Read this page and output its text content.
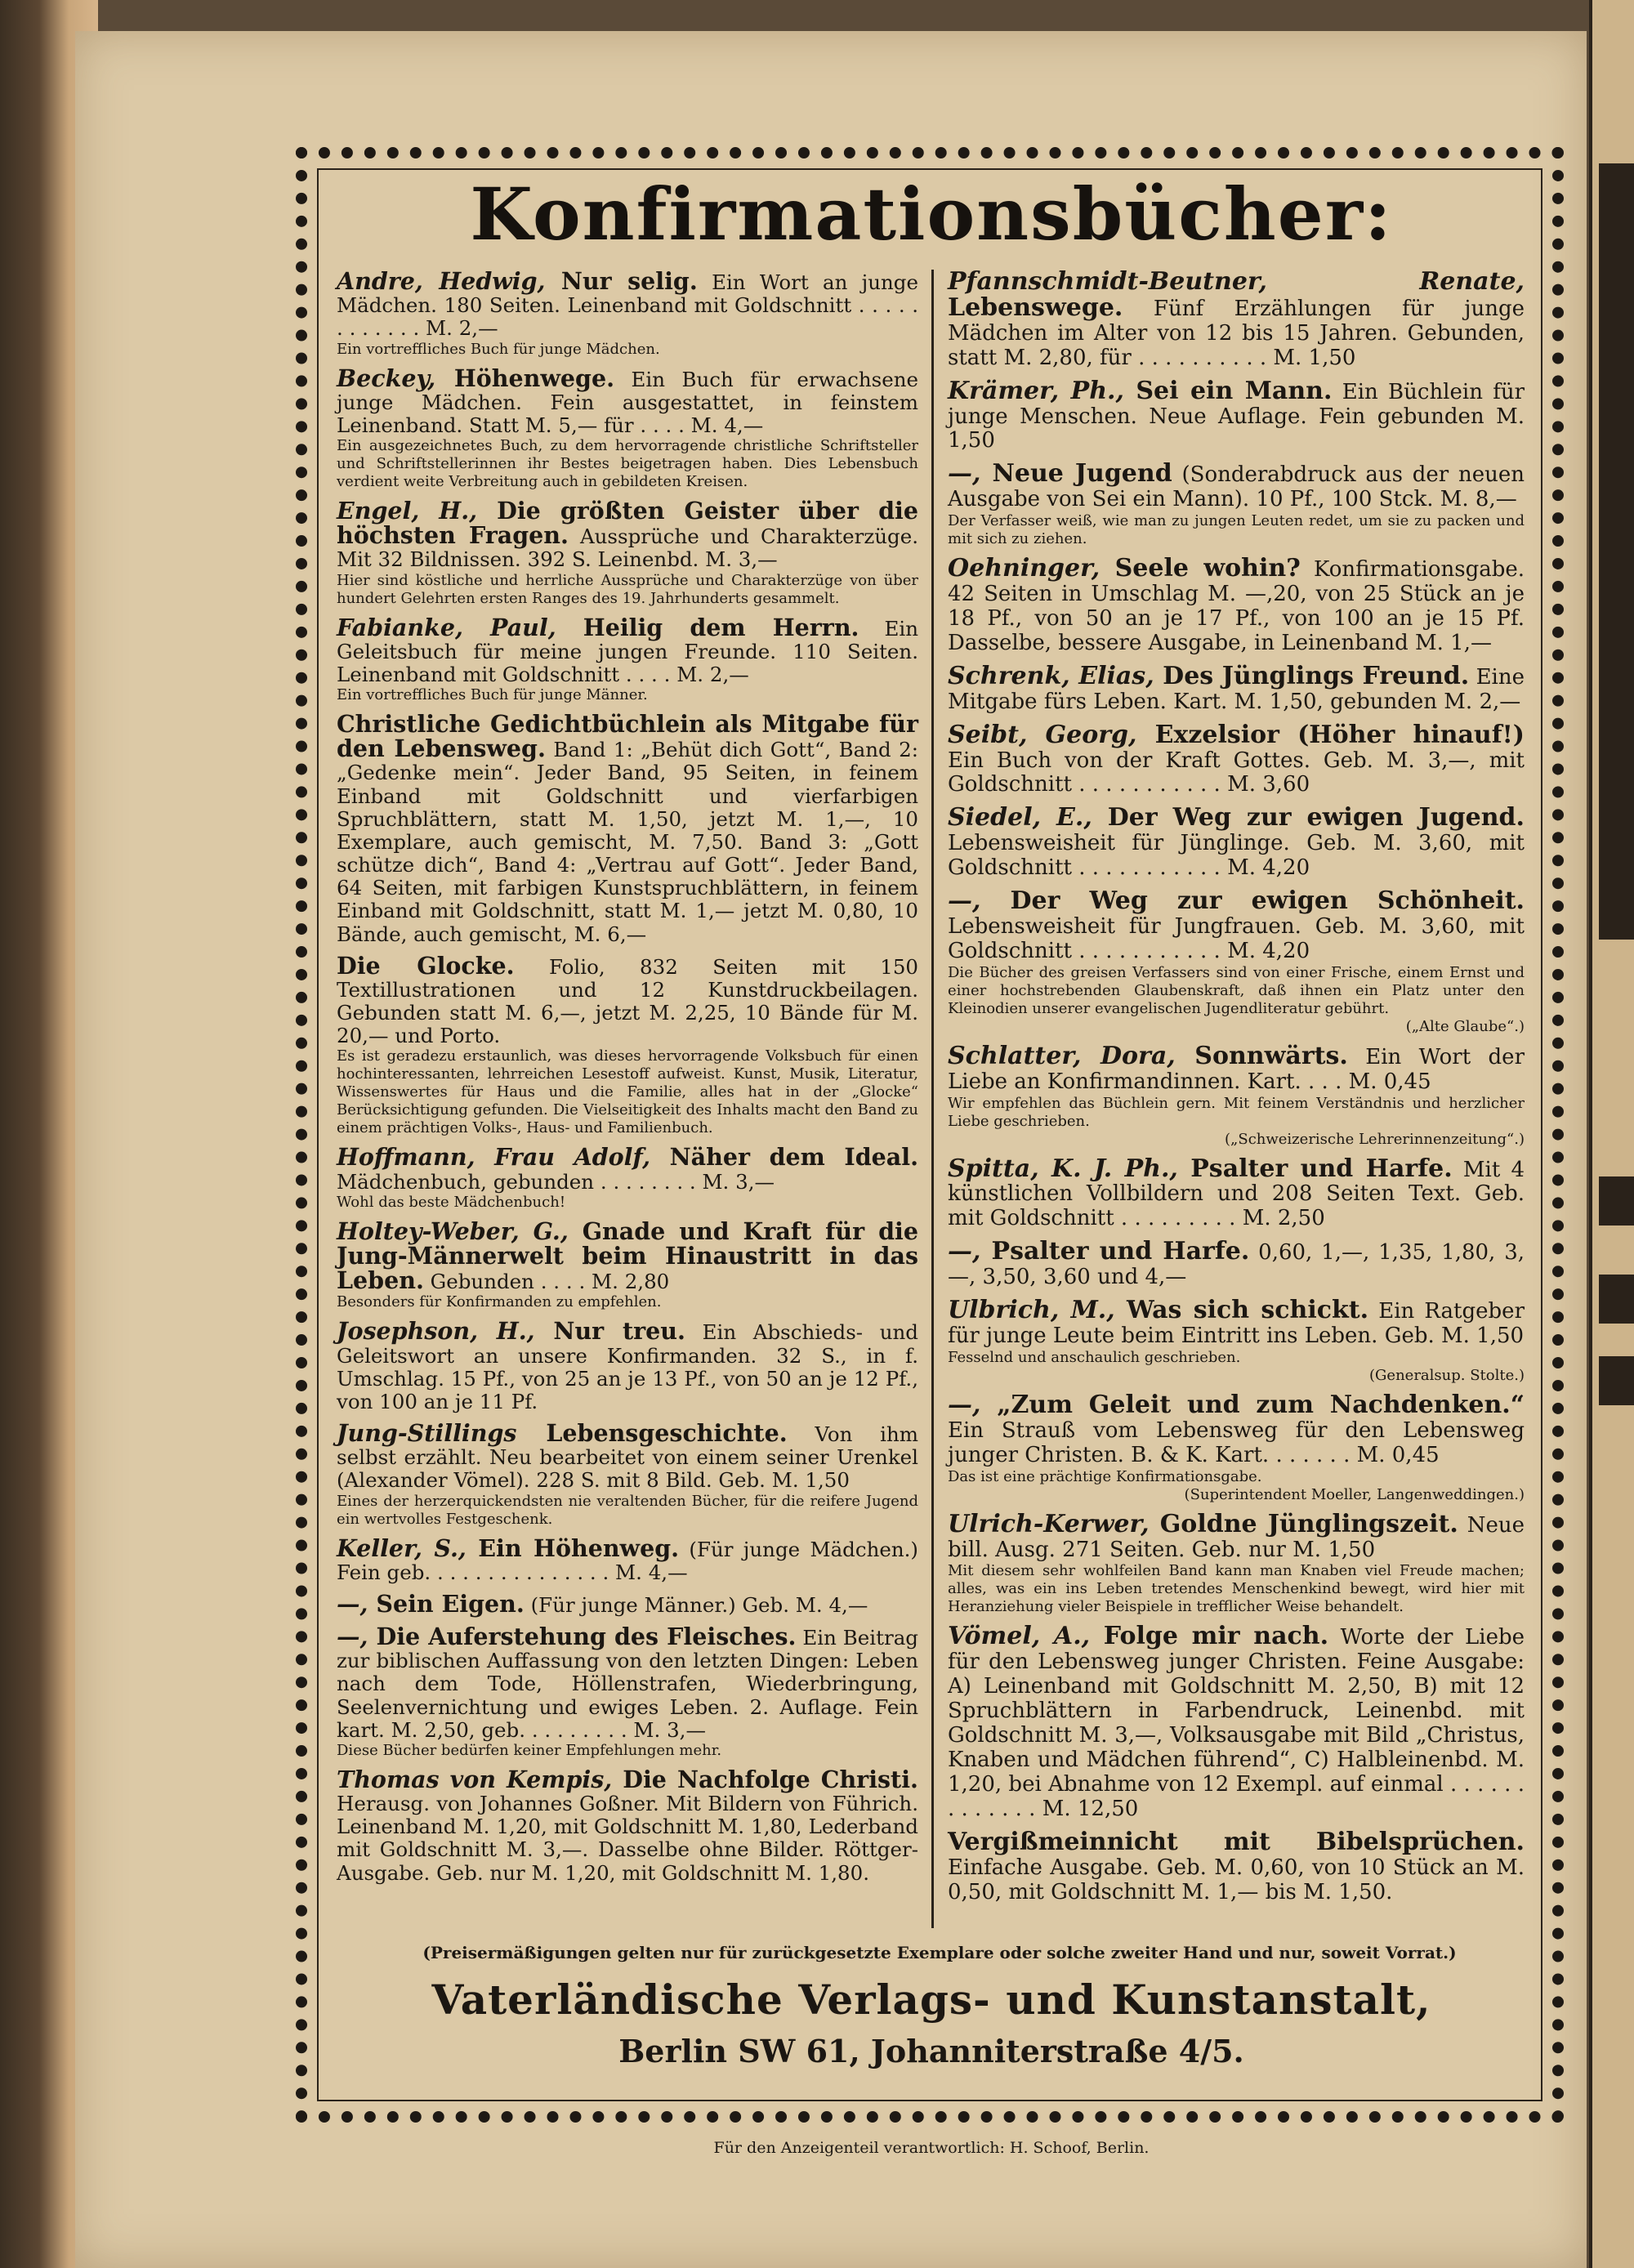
Konfirmationsbücher:
Andre, Hedwig, Nur selig. Ein Wort an junge Mädchen. 180 Seiten. Leinenband mit Goldschnitt . . . . . . . . . . . . M. 2,—
Ein vortreffliches Buch für junge Mädchen.
Beckey, Höhenwege. Ein Buch für erwachsene junge Mädchen. Fein ausgestattet, in feinstem Leinenband. Statt M. 5,— für . . . . M. 4,—
Ein ausgezeichnetes Buch, zu dem hervorragende christliche Schriftsteller und Schriftstellerinnen ihr Bestes beigetragen haben. Dies Lebensbuch verdient weite Verbreitung auch in gebildeten Kreisen.
Engel, H., Die größten Geister über die höchsten Fragen. Aussprüche und Charakterzüge. Mit 32 Bildnissen. 392 S. Leinenbd. M. 3,—
Hier sind köstliche und herrliche Aussprüche und Charakterzüge von über hundert Gelehrten ersten Ranges des 19. Jahrhunderts gesammelt.
Fabianke, Paul, Heilig dem Herrn. Ein Geleitsbuch für meine jungen Freunde. 110 Seiten. Leinenband mit Goldschnitt . . . . M. 2,—
Ein vortreffliches Buch für junge Männer.
Christliche Gedichtbüchlein als Mitgabe für den Lebensweg. Band 1: „Behüt dich Gott“, Band 2: „Gedenke mein“. Jeder Band, 95 Seiten, in feinem Einband mit Goldschnitt und vierfarbigen Spruchblättern, statt M. 1,50, jetzt M. 1,—, 10 Exemplare, auch gemischt, M. 7,50. Band 3: „Gott schütze dich“, Band 4: „Vertrau auf Gott“. Jeder Band, 64 Seiten, mit farbigen Kunstspruchblättern, in feinem Einband mit Goldschnitt, statt M. 1,— jetzt M. 0,80, 10 Bände, auch gemischt, M. 6,—
Die Glocke. Folio, 832 Seiten mit 150 Textillustrationen und 12 Kunstdruckbeilagen. Gebunden statt M. 6,—, jetzt M. 2,25, 10 Bände für M. 20,— und Porto.
Es ist geradezu erstaunlich, was dieses hervorragende Volksbuch für einen hochinteressanten, lehrreichen Lesestoff aufweist. Kunst, Musik, Literatur, Wissenswertes für Haus und die Familie, alles hat in der „Glocke“ Berücksichtigung gefunden. Die Vielseitigkeit des Inhalts macht den Band zu einem prächtigen Volks-, Haus- und Familienbuch.
Hoffmann, Frau Adolf, Näher dem Ideal. Mädchenbuch, gebunden . . . . . . . . M. 3,—
Wohl das beste Mädchenbuch!
Holtey-Weber, G., Gnade und Kraft für die Jung-Männerwelt beim Hinaustritt in das Leben. Gebunden . . . . M. 2,80
Besonders für Konfirmanden zu empfehlen.
Josephson, H., Nur treu. Ein Abschieds- und Geleitswort an unsere Konfirmanden. 32 S., in f. Umschlag. 15 Pf., von 25 an je 13 Pf., von 50 an je 12 Pf., von 100 an je 11 Pf.
Jung-Stillings Lebensgeschichte. Von ihm selbst erzählt. Neu bearbeitet von einem seiner Urenkel (Alexander Vömel). 228 S. mit 8 Bild. Geb. M. 1,50
Eines der herzerquickendsten nie veraltenden Bücher, für die reifere Jugend ein wertvolles Festgeschenk.
Keller, S., Ein Höhenweg. (Für junge Mädchen.) Fein geb. . . . . . . . . . . . . . . M. 4,—
—, Sein Eigen. (Für junge Männer.) Geb. M. 4,—
—, Die Auferstehung des Fleisches. Ein Beitrag zur biblischen Auffassung von den letzten Dingen: Leben nach dem Tode, Höllenstrafen, Wiederbringung, Seelenvernichtung und ewiges Leben. 2. Auflage. Fein kart. M. 2,50, geb. . . . . . . . . M. 3,—
Diese Bücher bedürfen keiner Empfehlungen mehr.
Thomas von Kempis, Die Nachfolge Christi. Herausg. von Johannes Goßner. Mit Bildern von Führich. Leinenband M. 1,20, mit Goldschnitt M. 1,80, Lederband mit Goldschnitt M. 3,—. Dasselbe ohne Bilder. Röttger-Ausgabe. Geb. nur M. 1,20, mit Goldschnitt M. 1,80.
Pfannschmidt-Beutner, Renate, Lebenswege. Fünf Erzählungen für junge Mädchen im Alter von 12 bis 15 Jahren. Gebunden, statt M. 2,80, für . . . . . . . . . . M. 1,50
Krämer, Ph., Sei ein Mann. Ein Büchlein für junge Menschen. Neue Auflage. Fein gebunden M. 1,50
—, Neue Jugend (Sonderabdruck aus der neuen Ausgabe von Sei ein Mann). 10 Pf., 100 Stck. M. 8,—
Der Verfasser weiß, wie man zu jungen Leuten redet, um sie zu packen und mit sich zu ziehen.
Oehninger, Seele wohin? Konfirmationsgabe. 42 Seiten in Umschlag M. —,20, von 25 Stück an je 18 Pf., von 50 an je 17 Pf., von 100 an je 15 Pf. Dasselbe, bessere Ausgabe, in Leinenband M. 1,—
Schrenk, Elias, Des Jünglings Freund. Eine Mitgabe fürs Leben. Kart. M. 1,50, gebunden M. 2,—
Seibt, Georg, Exzelsior (Höher hinauf!) Ein Buch von der Kraft Gottes. Geb. M. 3,—, mit Goldschnitt . . . . . . . . . . . M. 3,60
Siedel, E., Der Weg zur ewigen Jugend. Lebensweisheit für Jünglinge. Geb. M. 3,60, mit Goldschnitt . . . . . . . . . . . M. 4,20
—, Der Weg zur ewigen Schönheit. Lebensweisheit für Jungfrauen. Geb. M. 3,60, mit Goldschnitt . . . . . . . . . . . M. 4,20
Die Bücher des greisen Verfassers sind von einer Frische, einem Ernst und einer hochstrebenden Glaubenskraft, daß ihnen ein Platz unter den Kleinodien unserer evangelischen Jugendliteratur gebührt.
(„Alte Glaube“.)
Schlatter, Dora, Sonnwärts. Ein Wort der Liebe an Konfirmandinnen. Kart. . . . M. 0,45
Wir empfehlen das Büchlein gern. Mit feinem Verständnis und herzlicher Liebe geschrieben.
(„Schweizerische Lehrerinnenzeitung“.)
Spitta, K. J. Ph., Psalter und Harfe. Mit 4 künstlichen Vollbildern und 208 Seiten Text. Geb. mit Goldschnitt . . . . . . . . . M. 2,50
—, Psalter und Harfe. 0,60, 1,—, 1,35, 1,80, 3,—, 3,50, 3,60 und 4,—
Ulbrich, M., Was sich schickt. Ein Ratgeber für junge Leute beim Eintritt ins Leben. Geb. M. 1,50
Fesselnd und anschaulich geschrieben.
(Generalsup. Stolte.)
—, „Zum Geleit und zum Nachdenken.“ Ein Strauß vom Lebensweg für den Lebensweg junger Christen. B. & K. Kart. . . . . . . M. 0,45
Das ist eine prächtige Konfirmationsgabe.
(Superintendent Moeller, Langenweddingen.)
Ulrich-Kerwer, Goldne Jünglingszeit. Neue bill. Ausg. 271 Seiten. Geb. nur M. 1,50
Mit diesem sehr wohlfeilen Band kann man Knaben viel Freude machen; alles, was ein ins Leben tretendes Menschenkind bewegt, wird hier mit Heranziehung vieler Beispiele in trefflicher Weise behandelt.
Vömel, A., Folge mir nach. Worte der Liebe für den Lebensweg junger Christen. Feine Ausgabe: A) Leinenband mit Goldschnitt M. 2,50, B) mit 12 Spruchblättern in Farbendruck, Leinenbd. mit Goldschnitt M. 3,—, Volksausgabe mit Bild „Christus, Knaben und Mädchen führend“, C) Halbleinenbd. M. 1,20, bei Abnahme von 12 Exempl. auf einmal . . . . . . . . . . . . . M. 12,50
Vergißmeinnicht mit Bibelsprüchen. Einfache Ausgabe. Geb. M. 0,60, von 10 Stück an M. 0,50, mit Goldschnitt M. 1,— bis M. 1,50.
(Preisermäßigungen gelten nur für zurückgesetzte Exemplare oder solche zweiter Hand und nur, soweit Vorrat.)
Vaterländische Verlags- und Kunstanstalt,
Berlin SW 61, Johanniterstraße 4/5.
Für den Anzeigenteil verantwortlich: H. Schoof, Berlin.
